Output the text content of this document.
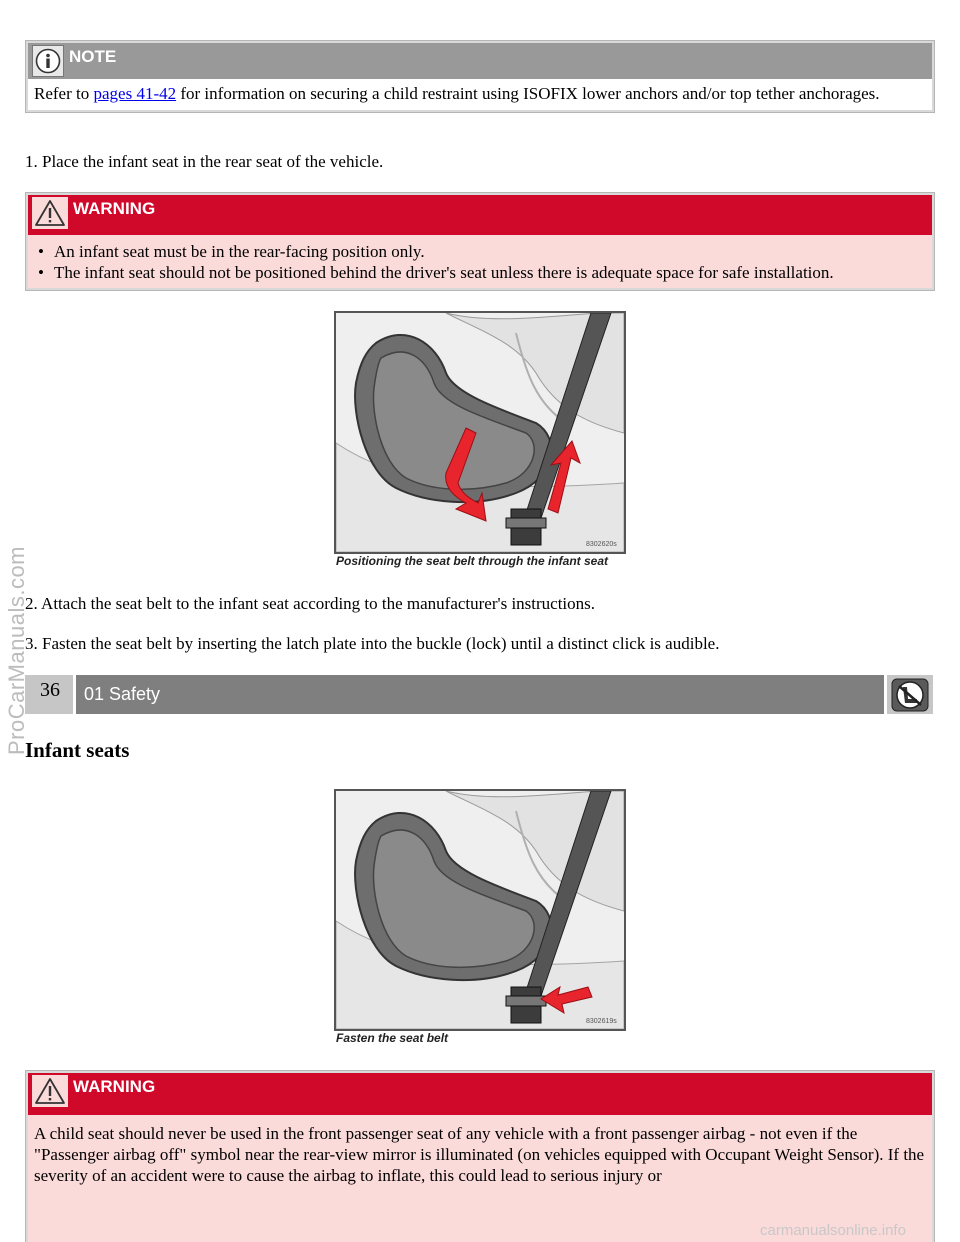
NOTE
Refer to pages 41-42 for information on securing a child restraint using ISOFIX lower anchors and/or top tether anchorages.
1. Place the infant seat in the rear seat of the vehicle.
WARNING
• An infant seat must be in the rear-facing position only.
• The infant seat should not be positioned behind the driver's seat unless there is adequate space for safe installation.
8302620s
Positioning the seat belt through the infant seat
2. Attach the seat belt to the infant seat according to the manufacturer's instructions.
3. Fasten the seat belt by inserting the latch plate into the buckle (lock) until a distinct click is audible.
36	01 Safety
Infant seats
8302619s
Fasten the seat belt
WARNING
A child seat should never be used in the front passenger seat of any vehicle with a front passenger airbag - not even if the "Passenger airbag off" symbol near the rear-view mirror is illuminated (on vehicles equipped with Occupant Weight Sensor). If the severity of an accident were to cause the airbag to inflate, this could lead to serious injury or
ProCarManuals.com
carmanualsonline.info
